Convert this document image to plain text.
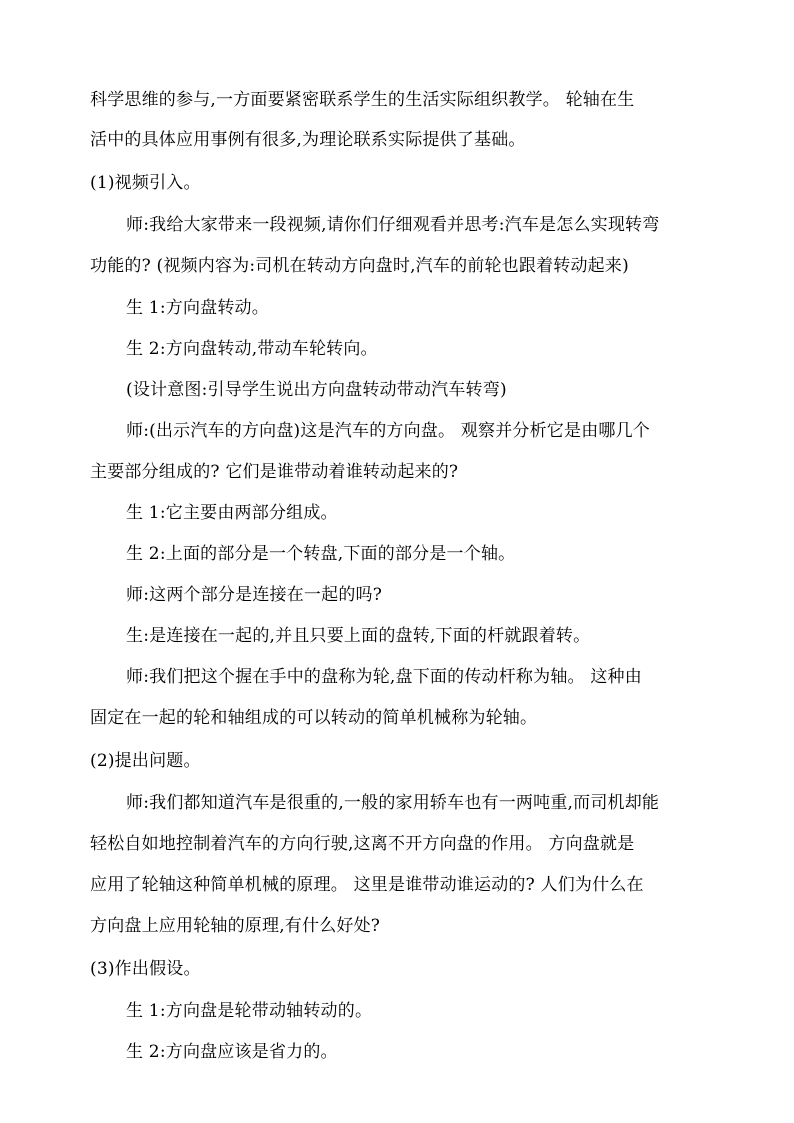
科学思维的参与,一方面要紧密联系学生的生活实际组织教学。 轮轴在生
活中的具体应用事例有很多,为理论联系实际提供了基础。
(1)视频引入。
师:我给大家带来一段视频,请你们仔细观看并思考:汽车是怎么实现转弯
功能的? (视频内容为:司机在转动方向盘时,汽车的前轮也跟着转动起来)
生 1:方向盘转动。
生 2:方向盘转动,带动车轮转向。
(设计意图:引导学生说出方向盘转动带动汽车转弯)
师:(出示汽车的方向盘)这是汽车的方向盘。 观察并分析它是由哪几个
主要部分组成的? 它们是谁带动着谁转动起来的?
生 1:它主要由两部分组成。
生 2:上面的部分是一个转盘,下面的部分是一个轴。
师:这两个部分是连接在一起的吗?
生:是连接在一起的,并且只要上面的盘转,下面的杆就跟着转。
师:我们把这个握在手中的盘称为轮,盘下面的传动杆称为轴。 这种由
固定在一起的轮和轴组成的可以转动的简单机械称为轮轴。
(2)提出问题。
师:我们都知道汽车是很重的,一般的家用轿车也有一两吨重,而司机却能
轻松自如地控制着汽车的方向行驶,这离不开方向盘的作用。 方向盘就是
应用了轮轴这种简单机械的原理。 这里是谁带动谁运动的? 人们为什么在
方向盘上应用轮轴的原理,有什么好处?
(3)作出假设。
生 1:方向盘是轮带动轴转动的。
生 2:方向盘应该是省力的。
